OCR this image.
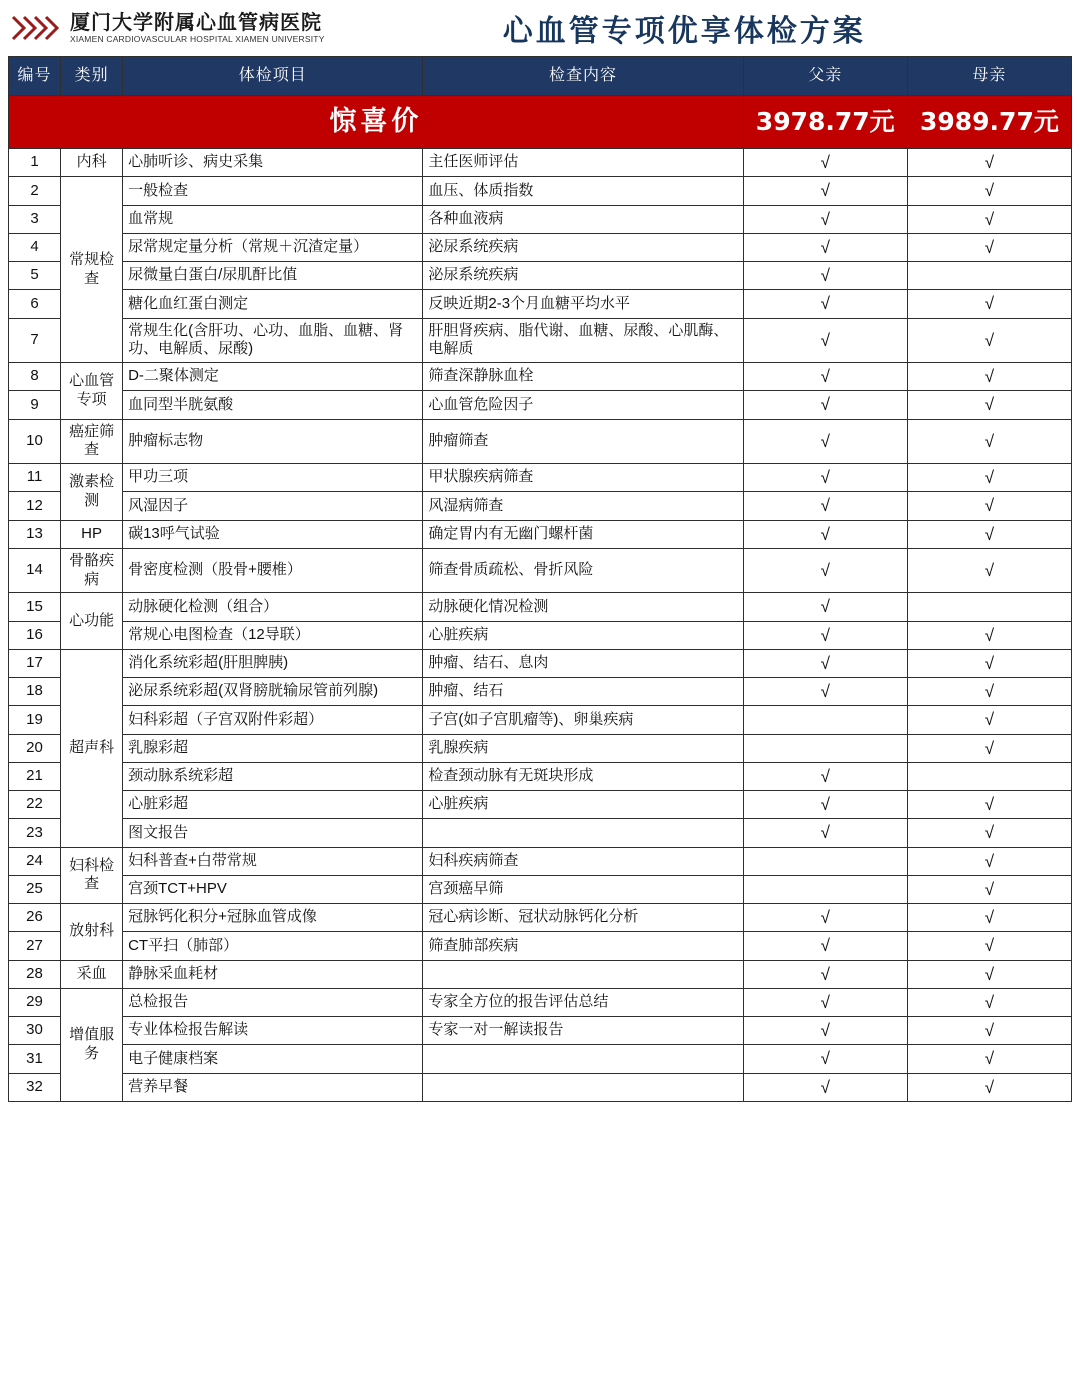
厦门大学附属心血管病医院
XIAMEN CARDIOVASCULAR HOSPITAL XIAMEN UNIVERSITY	心血管专项优享体检方案
编号	类别	体检项目	检查内容	父亲	母亲
惊喜价				3978.77元	3989.77元
1	内科	心肺听诊、病史采集	主任医师评估	√	√
2	常规检查	一般检查	血压、体质指数	√	√
3		血常规	各种血液病	√	√
4		尿常规定量分析（常规＋沉渣定量）	泌尿系统疾病	√	√
5		尿微量白蛋白/尿肌酐比值	泌尿系统疾病	√	
6		糖化血红蛋白测定	反映近期2-3个月血糖平均水平	√	√
7		常规生化(含肝功、心功、血脂、血糖、肾功、电解质、尿酸)	肝胆肾疾病、脂代谢、血糖、尿酸、心肌酶、电解质	√	√
8	心血管专项	D-二聚体测定	筛查深静脉血栓	√	√
9		血同型半胱氨酸	心血管危险因子	√	√
10	癌症筛查	肿瘤标志物	肿瘤筛查	√	√
11	激素检测	甲功三项	甲状腺疾病筛查	√	√
12		风湿因子	风湿病筛查	√	√
13	HP	碳13呼气试验	确定胃内有无幽门螺杆菌	√	√
14	骨骼疾病	骨密度检测（股骨+腰椎）	筛查骨质疏松、骨折风险	√	√
15	心功能	动脉硬化检测（组合）	动脉硬化情况检测	√	
16		常规心电图检查（12导联）	心脏疾病	√	√
17	超声科	消化系统彩超(肝胆脾胰)	肿瘤、结石、息肉	√	√
18		泌尿系统彩超(双肾膀胱输尿管前列腺)	肿瘤、结石	√	√
19		妇科彩超（子宫双附件彩超）	子宫(如子宫肌瘤等)、卵巢疾病		√
20		乳腺彩超	乳腺疾病		√
21		颈动脉系统彩超	检查颈动脉有无斑块形成	√	
22		心脏彩超	心脏疾病	√	√
23		图文报告		√	√
24	妇科检查	妇科普查+白带常规	妇科疾病筛查		√
25		宫颈TCT+HPV	宫颈癌早筛		√
26	放射科	冠脉钙化积分+冠脉血管成像	冠心病诊断、冠状动脉钙化分析	√	√
27		CT平扫（肺部）	筛查肺部疾病	√	√
28	采血	静脉采血耗材		√	√
29	增值服务	总检报告	专家全方位的报告评估总结	√	√
30		专业体检报告解读	专家一对一解读报告	√	√
31		电子健康档案		√	√
32		营养早餐		√	√
